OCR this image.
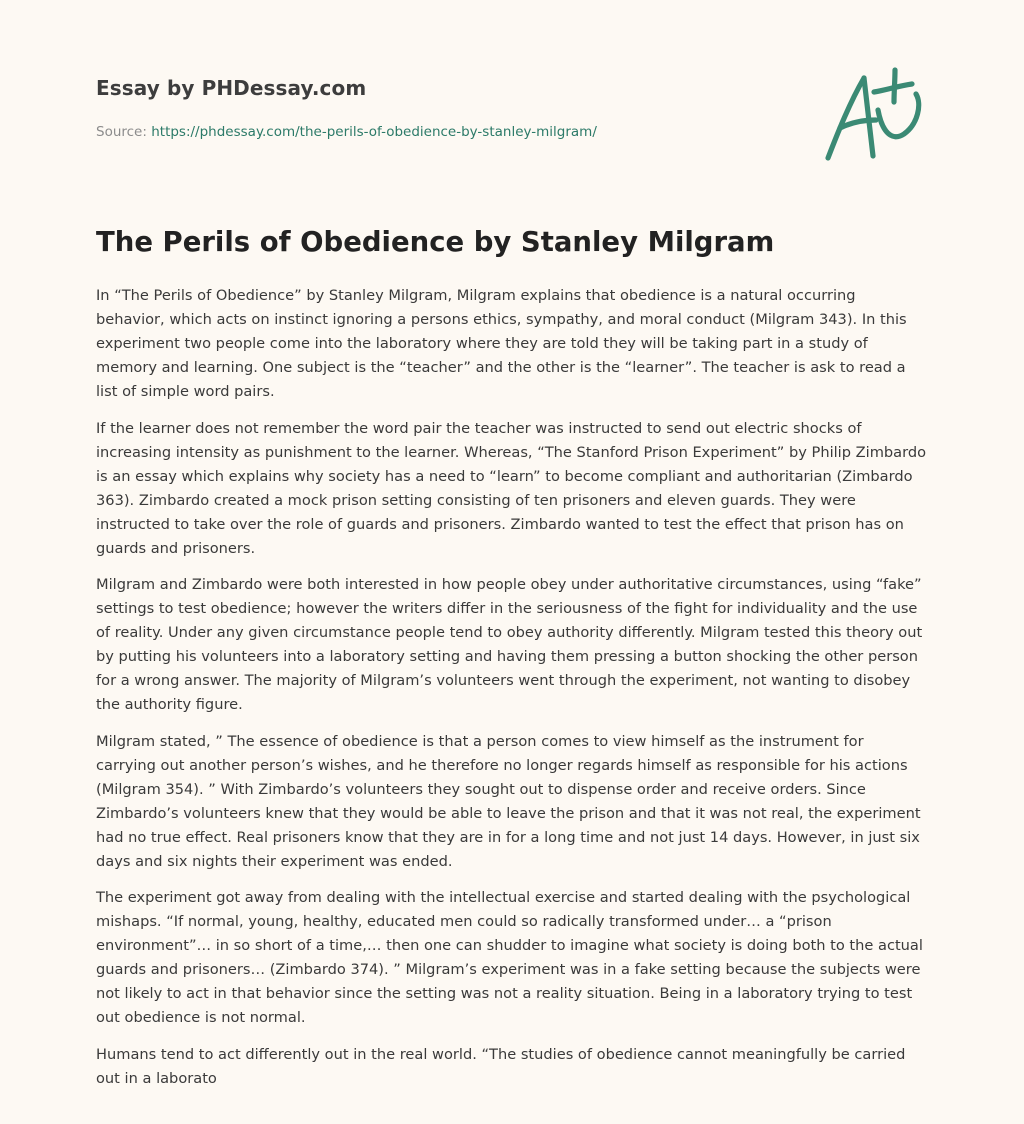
Essay by PHDessay.com
Source: https://phdessay.com/the-perils-of-obedience-by-stanley-milgram/
The Perils of Obedience by Stanley Milgram

In “The Perils of Obedience” by Stanley Milgram, Milgram explains that obedience is a natural occurring behavior, which acts on instinct ignoring a persons ethics, sympathy, and moral conduct (Milgram 343). In this experiment two people come into the laboratory where they are told they will be taking part in a study of memory and learning. One subject is the “teacher” and the other is the “learner”. The teacher is ask to read a list of simple word pairs.

If the learner does not remember the word pair the teacher was instructed to send out electric shocks of increasing intensity as punishment to the learner. Whereas, “The Stanford Prison Experiment” by Philip Zimbardo is an essay which explains why society has a need to “learn” to become compliant and authoritarian (Zimbardo 363). Zimbardo created a mock prison setting consisting of ten prisoners and eleven guards. They were instructed to take over the role of guards and prisoners. Zimbardo wanted to test the effect that prison has on guards and prisoners.

Milgram and Zimbardo were both interested in how people obey under authoritative circumstances, using “fake” settings to test obedience; however the writers differ in the seriousness of the fight for individuality and the use of reality. Under any given circumstance people tend to obey authority differently. Milgram tested this theory out by putting his volunteers into a laboratory setting and having them pressing a button shocking the other person for a wrong answer. The majority of Milgram’s volunteers went through the experiment, not wanting to disobey the authority figure.

Milgram stated, ” The essence of obedience is that a person comes to view himself as the instrument for carrying out another person’s wishes, and he therefore no longer regards himself as responsible for his actions (Milgram 354). ” With Zimbardo’s volunteers they sought out to dispense order and receive orders. Since Zimbardo’s volunteers knew that they would be able to leave the prison and that it was not real, the experiment had no true effect. Real prisoners know that they are in for a long time and not just 14 days. However, in just six days and six nights their experiment was ended.

The experiment got away from dealing with the intellectual exercise and started dealing with the psychological mishaps. “If normal, young, healthy, educated men could so radically transformed under… a “prison environment”… in so short of a time,… then one can shudder to imagine what society is doing both to the actual guards and prisoners… (Zimbardo 374). ” Milgram’s experiment was in a fake setting because the subjects were not likely to act in that behavior since the setting was not a reality situation. Being in a laboratory trying to test out obedience is not normal.

Humans tend to act differently out in the real world. “The studies of obedience cannot meaningfully be carried out in a laborato
